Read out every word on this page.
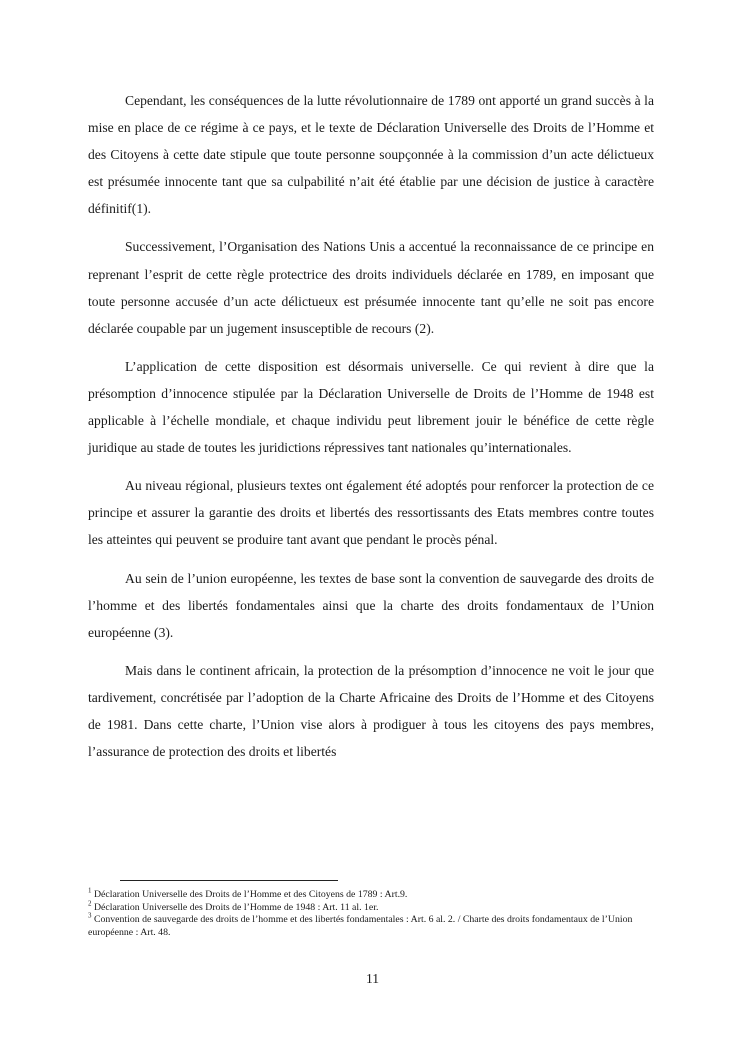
Cependant, les conséquences de la lutte révolutionnaire de 1789 ont apporté un grand succès à la mise en place de ce régime à ce pays, et le texte de Déclaration Universelle des Droits de l’Homme et des Citoyens à cette date stipule que toute personne soupçonnée à la commission d’un acte délictueux est présumée innocente tant que sa culpabilité n’ait été établie par une décision de justice à caractère définitif(1).

Successivement, l’Organisation des Nations Unis a accentué la reconnaissance de ce principe en reprenant l’esprit de cette règle protectrice des droits individuels déclarée en 1789, en imposant que toute personne accusée d’un acte délictueux est présumée innocente tant qu’elle ne soit pas encore déclarée coupable par un jugement insusceptible de recours (2).

L’application de cette disposition est désormais universelle. Ce qui revient à dire que la présomption d’innocence stipulée par la Déclaration Universelle de Droits de l’Homme de 1948 est applicable à l’échelle mondiale, et chaque individu peut librement jouir le bénéfice de cette règle juridique au stade de toutes les juridictions répressives tant nationales qu’internationales.

Au niveau régional, plusieurs textes ont également été adoptés pour renforcer la protection de ce principe et assurer la garantie des droits et libertés des ressortissants des Etats membres contre toutes les atteintes qui peuvent se produire tant avant que pendant le procès pénal.

Au sein de l’union européenne, les textes de base sont la convention de sauvegarde des droits de l’homme et des libertés fondamentales ainsi que la charte des droits fondamentaux de l’Union européenne (3).

Mais dans le continent africain, la protection de la présomption d’innocence ne voit le jour que tardivement, concrétisée par l’adoption de la Charte Africaine des Droits de l’Homme et des Citoyens de 1981. Dans cette charte, l’Union vise alors à prodiguer à tous les citoyens des pays membres, l’assurance de protection des droits et libertés

$^1$ Déclaration Universelle des Droits de l’Homme et des Citoyens de 1789 : Art.9.

$^2$ Déclaration Universelle des Droits de l’Homme de 1948 : Art. 11 al. 1er.

$^3$ Convention de sauvegarde des droits de l’homme et des libertés fondamentales : Art. 6 al. 2. / Charte des droits fondamentaux de l’Union européenne : Art. 48.

11
